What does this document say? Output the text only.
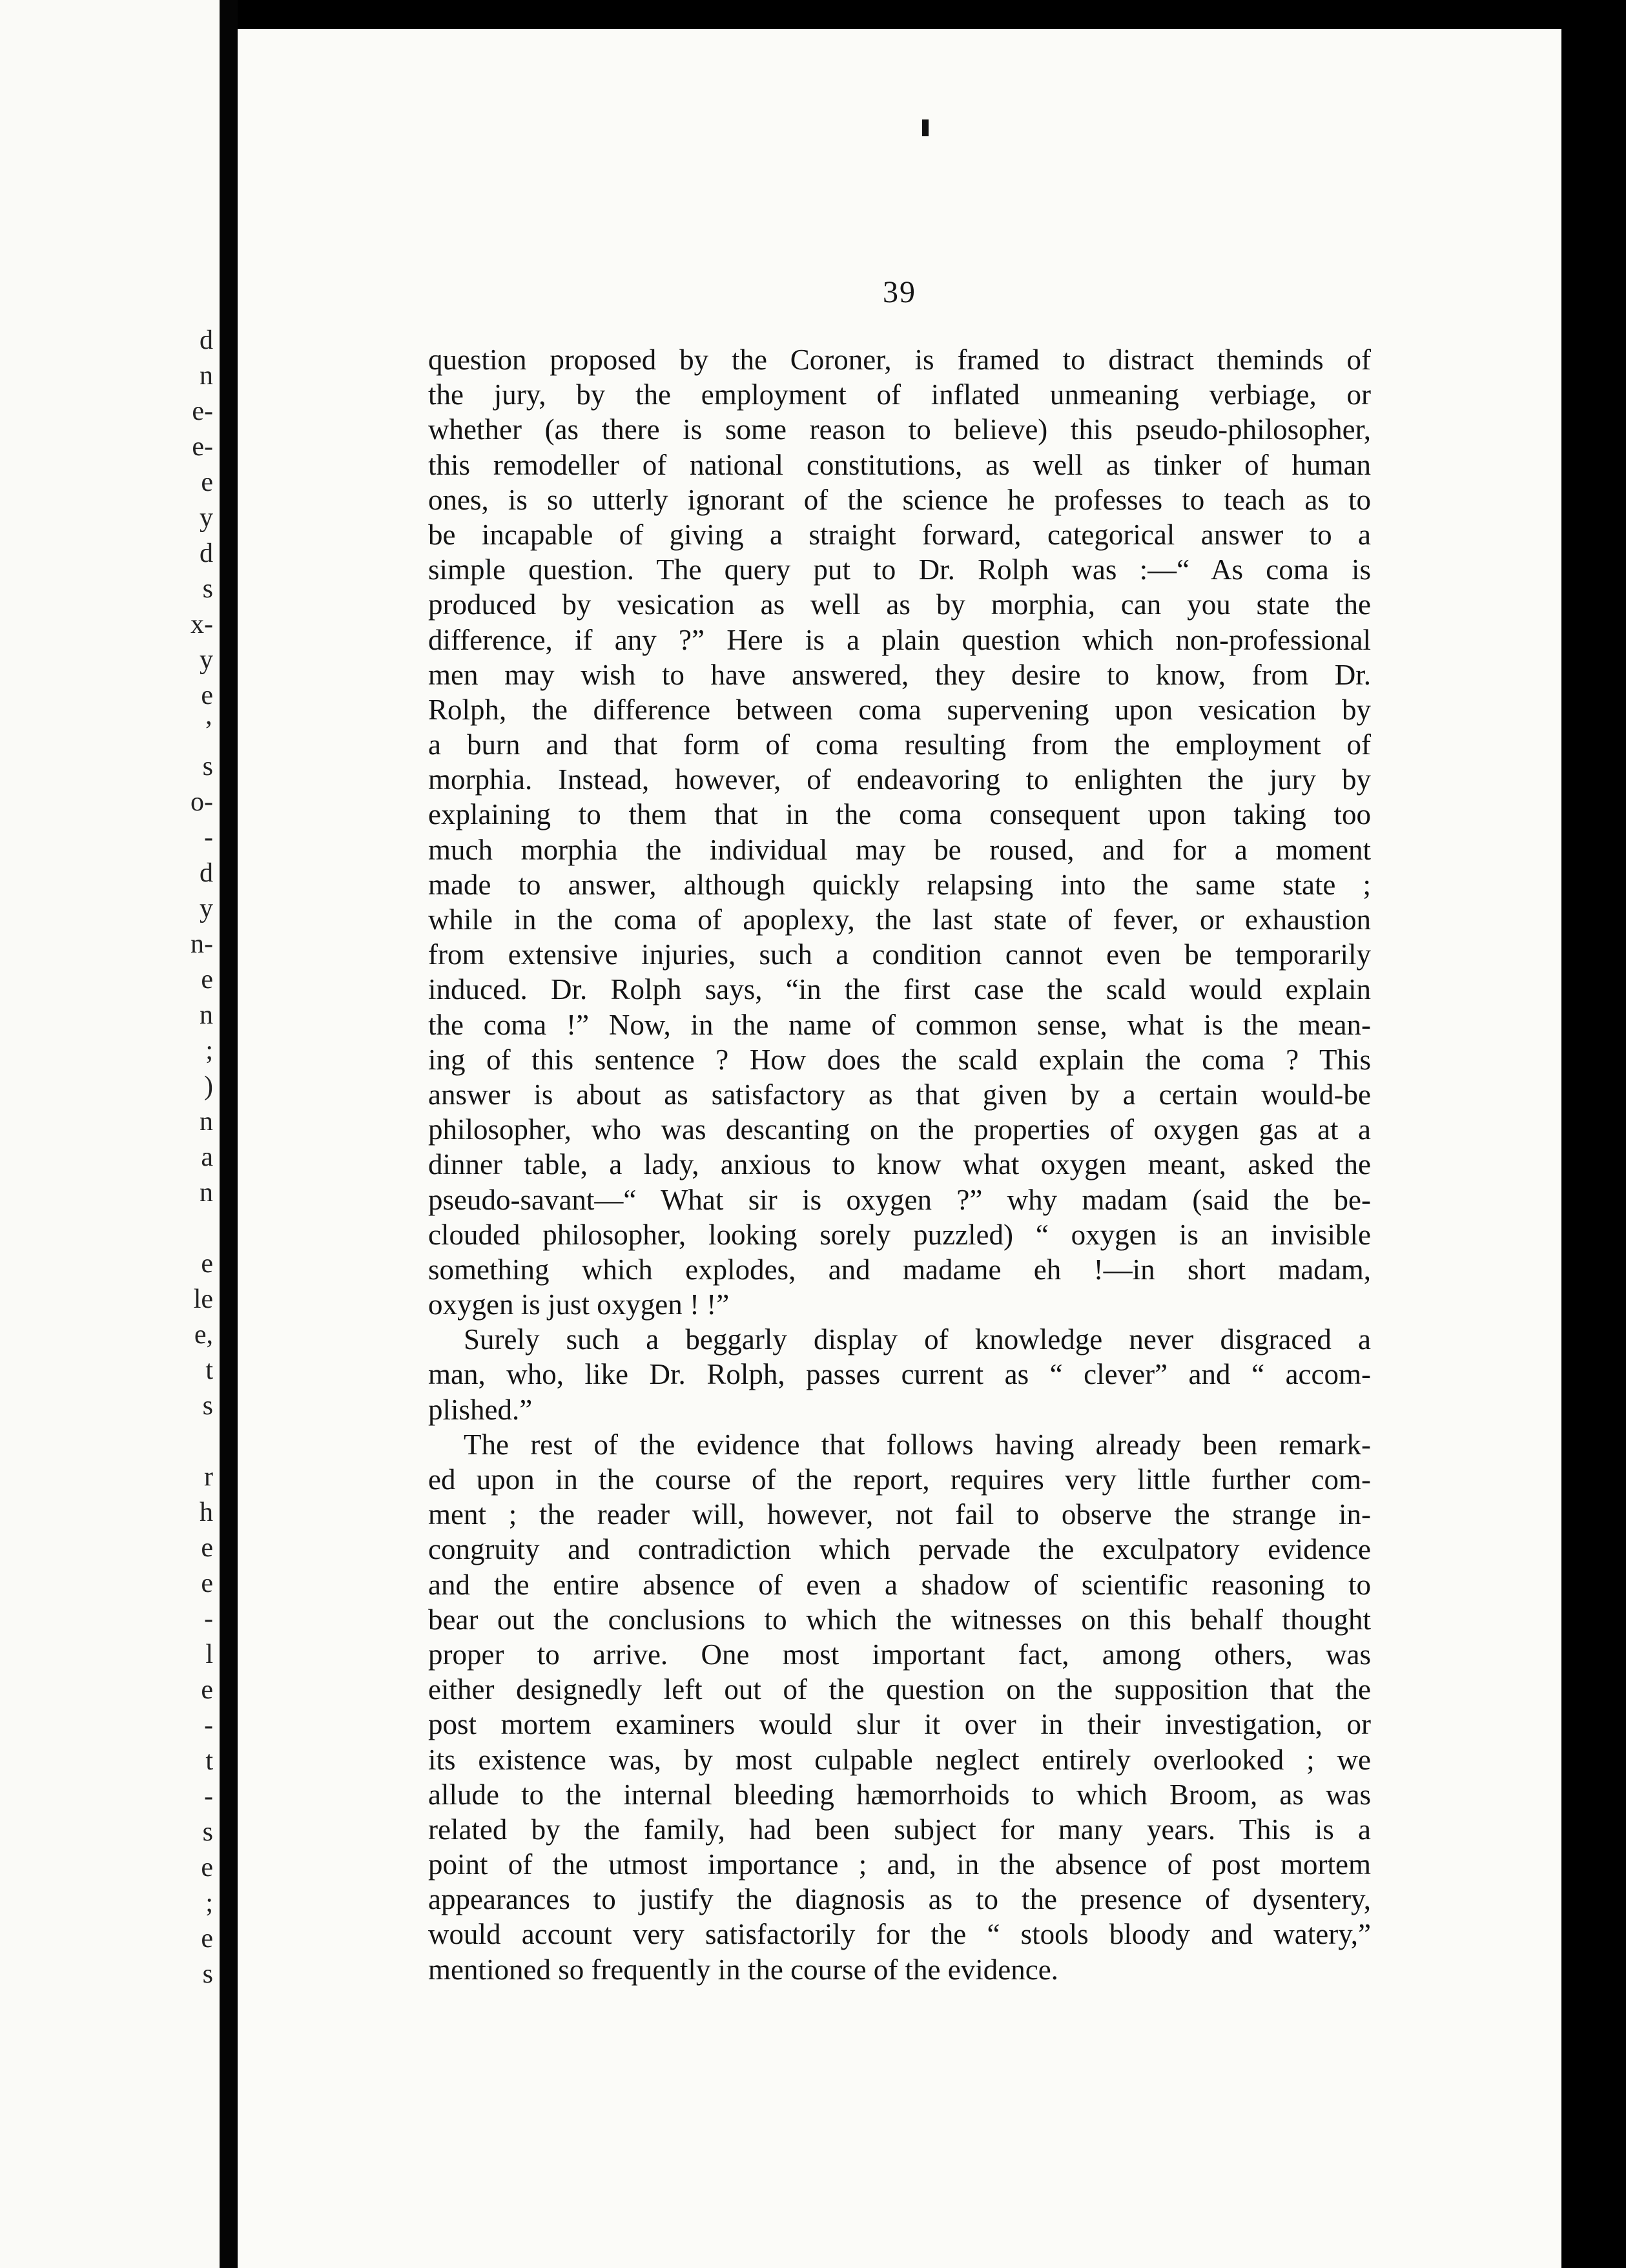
d
n
e-
e-
e
y
d
s
x-
y
e
’
s
o-
-
d
y
n-
e
n
;
)
n
a
n
e
le
e,
t
s
r
h
e
e
-
l
e
-
t
-
s
e
;
e
s
39
question proposed by the Coroner, is framed to distract theminds of
the jury, by the employment of inflated unmeaning verbiage, or
whether (as there is some reason to believe) this pseudo-philosopher,
this remodeller of national constitutions, as well as tinker of human
ones, is so utterly ignorant of the science he professes to teach as to
be incapable of giving a straight forward, categorical answer to a
simple question. The query put to Dr. Rolph was :—“ As coma is
produced by vesication as well as by morphia, can you state the
difference, if any ?” Here is a plain question which non-professional
men may wish to have answered, they desire to know, from Dr.
Rolph, the difference between coma supervening upon vesication by
a burn and that form of coma resulting from the employment of
morphia. Instead, however, of endeavoring to enlighten the jury by
explaining to them that in the coma consequent upon taking too
much morphia the individual may be roused, and for a moment
made to answer, although quickly relapsing into the same state ;
while in the coma of apoplexy, the last state of fever, or exhaustion
from extensive injuries, such a condition cannot even be temporarily
induced. Dr. Rolph says, “in the first case the scald would explain
the coma !” Now, in the name of common sense, what is the mean-
ing of this sentence ? How does the scald explain the coma ? This
answer is about as satisfactory as that given by a certain would-be
philosopher, who was descanting on the properties of oxygen gas at a
dinner table, a lady, anxious to know what oxygen meant, asked the
pseudo-savant—“ What sir is oxygen ?” why madam (said the be-
clouded philosopher, looking sorely puzzled) “ oxygen is an invisible
something which explodes, and madame eh !—in short madam,
oxygen is just oxygen ! !”
Surely such a beggarly display of knowledge never disgraced a
man, who, like Dr. Rolph, passes current as “ clever” and “ accom-
plished.”
The rest of the evidence that follows having already been remark-
ed upon in the course of the report, requires very little further com-
ment ; the reader will, however, not fail to observe the strange in-
congruity and contradiction which pervade the exculpatory evidence
and the entire absence of even a shadow of scientific reasoning to
bear out the conclusions to which the witnesses on this behalf thought
proper to arrive. One most important fact, among others, was
either designedly left out of the question on the supposition that the
post mortem examiners would slur it over in their investigation, or
its existence was, by most culpable neglect entirely overlooked ; we
allude to the internal bleeding hæmorrhoids to which Broom, as was
related by the family, had been subject for many years. This is a
point of the utmost importance ; and, in the absence of post mortem
appearances to justify the diagnosis as to the presence of dysentery,
would account very satisfactorily for the “ stools bloody and watery,”
mentioned so frequently in the course of the evidence.
